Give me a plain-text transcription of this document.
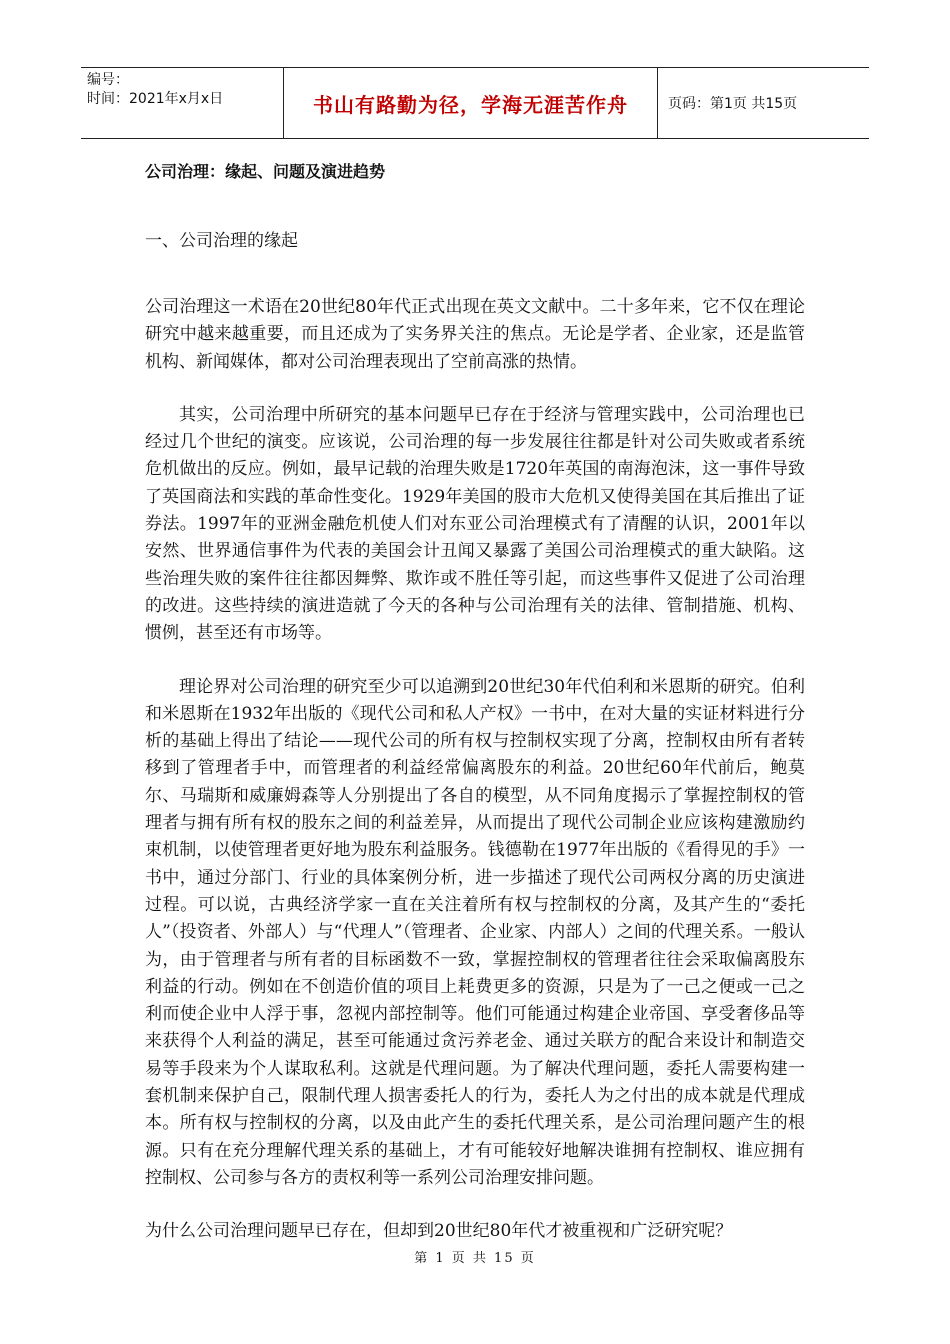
编号：
时间：2021年x月x日	书山有路勤为径，学海无涯苦作舟	页码：第1页 共15页
公司治理：缘起、问题及演进趋势
一、公司治理的缘起

公司治理这一术语在20世纪80年代正式出现在英文文献中。二十多年来，它不仅在理论研究中越来越重要，而且还成为了实务界关注的焦点。无论是学者、企业家，还是监管机构、新闻媒体，都对公司治理表现出了空前高涨的热情。

其实，公司治理中所研究的基本问题早已存在于经济与管理实践中，公司治理也已经过几个世纪的演变。应该说，公司治理的每一步发展往往都是针对公司失败或者系统危机做出的反应。例如，最早记载的治理失败是1720年英国的南海泡沫，这一事件导致了英国商法和实践的革命性变化。1929年美国的股市大危机又使得美国在其后推出了证券法。1997年的亚洲金融危机使人们对东亚公司治理模式有了清醒的认识，2001年以安然、世界通信事件为代表的美国会计丑闻又暴露了美国公司治理模式的重大缺陷。这些治理失败的案件往往都因舞弊、欺诈或不胜任等引起，而这些事件又促进了公司治理的改进。这些持续的演进造就了今天的各种与公司治理有关的法律、管制措施、机构、惯例，甚至还有市场等。

理论界对公司治理的研究至少可以追溯到20世纪30年代伯利和米恩斯的研究。伯利和米恩斯在1932年出版的《现代公司和私人产权》一书中，在对大量的实证材料进行分析的基础上得出了结论——现代公司的所有权与控制权实现了分离，控制权由所有者转移到了管理者手中，而管理者的利益经常偏离股东的利益。20世纪60年代前后，鲍莫尔、马瑞斯和威廉姆森等人分别提出了各自的模型，从不同角度揭示了掌握控制权的管理者与拥有所有权的股东之间的利益差异，从而提出了现代公司制企业应该构建激励约束机制，以使管理者更好地为股东利益服务。钱德勒在1977年出版的《看得见的手》一书中，通过分部门、行业的具体案例分析，进一步描述了现代公司两权分离的历史演进过程。可以说，古典经济学家一直在关注着所有权与控制权的分离，及其产生的“委托人”（投资者、外部人）与“代理人”（管理者、企业家、内部人）之间的代理关系。一般认为，由于管理者与所有者的目标函数不一致，掌握控制权的管理者往往会采取偏离股东利益的行动。例如在不创造价值的项目上耗费更多的资源，只是为了一己之便或一己之利而使企业中人浮于事，忽视内部控制等。他们可能通过构建企业帝国、享受奢侈品等来获得个人利益的满足，甚至可能通过贪污养老金、通过关联方的配合来设计和制造交易等手段来为个人谋取私利。这就是代理问题。为了解决代理问题，委托人需要构建一套机制来保护自己，限制代理人损害委托人的行为，委托人为之付出的成本就是代理成本。所有权与控制权的分离，以及由此产生的委托代理关系，是公司治理问题产生的根源。只有在充分理解代理关系的基础上，才有可能较好地解决谁拥有控制权、谁应拥有控制权、公司参与各方的责权利等一系列公司治理安排问题。

为什么公司治理问题早已存在，但却到20世纪80年代才被重视和广泛研究呢？

第 1 页 共 15 页
